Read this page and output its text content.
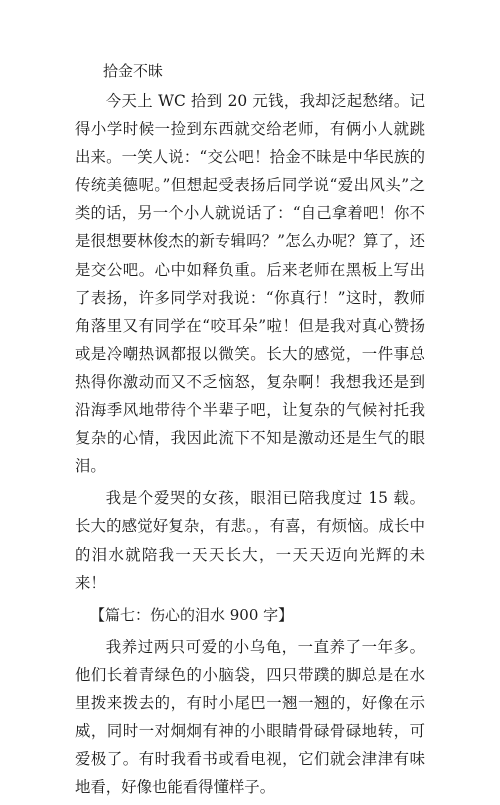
拾金不昧

今天上 WC 拾到 20 元钱，我却泛起愁绪。记得小学时候一捡到东西就交给老师，有俩小人就跳出来。一笑人说：“交公吧！拾金不昧是中华民族的传统美德呢。”但想起受表扬后同学说“爱出风头”之类的话，另一个小人就说话了：“自己拿着吧！你不是很想要林俊杰的新专辑吗？”怎么办呢？算了，还是交公吧。心中如释负重。后来老师在黑板上写出了表扬，许多同学对我说：“你真行！”这时，教师角落里又有同学在“咬耳朵”啦！但是我对真心赞扬或是冷嘲热讽都报以微笑。长大的感觉，一件事总热得你激动而又不乏恼怒，复杂啊！我想我还是到沿海季风地带待个半辈子吧，让复杂的气候衬托我复杂的心情，我因此流下不知是激动还是生气的眼泪。

我是个爱哭的女孩，眼泪已陪我度过 15 载。长大的感觉好复杂，有悲。，有喜，有烦恼。成长中的泪水就陪我一天天长大，一天天迈向光辉的未来！

【篇七：伤心的泪水 900 字】

我养过两只可爱的小乌龟，一直养了一年多。他们长着青绿色的小脑袋，四只带蹼的脚总是在水里拨来拨去的，有时小尾巴一翘一翘的，好像在示威，同时一对炯炯有神的小眼睛骨碌骨碌地转，可爱极了。有时我看书或看电视，它们就会津津有味地看，好像也能看得懂样子。
